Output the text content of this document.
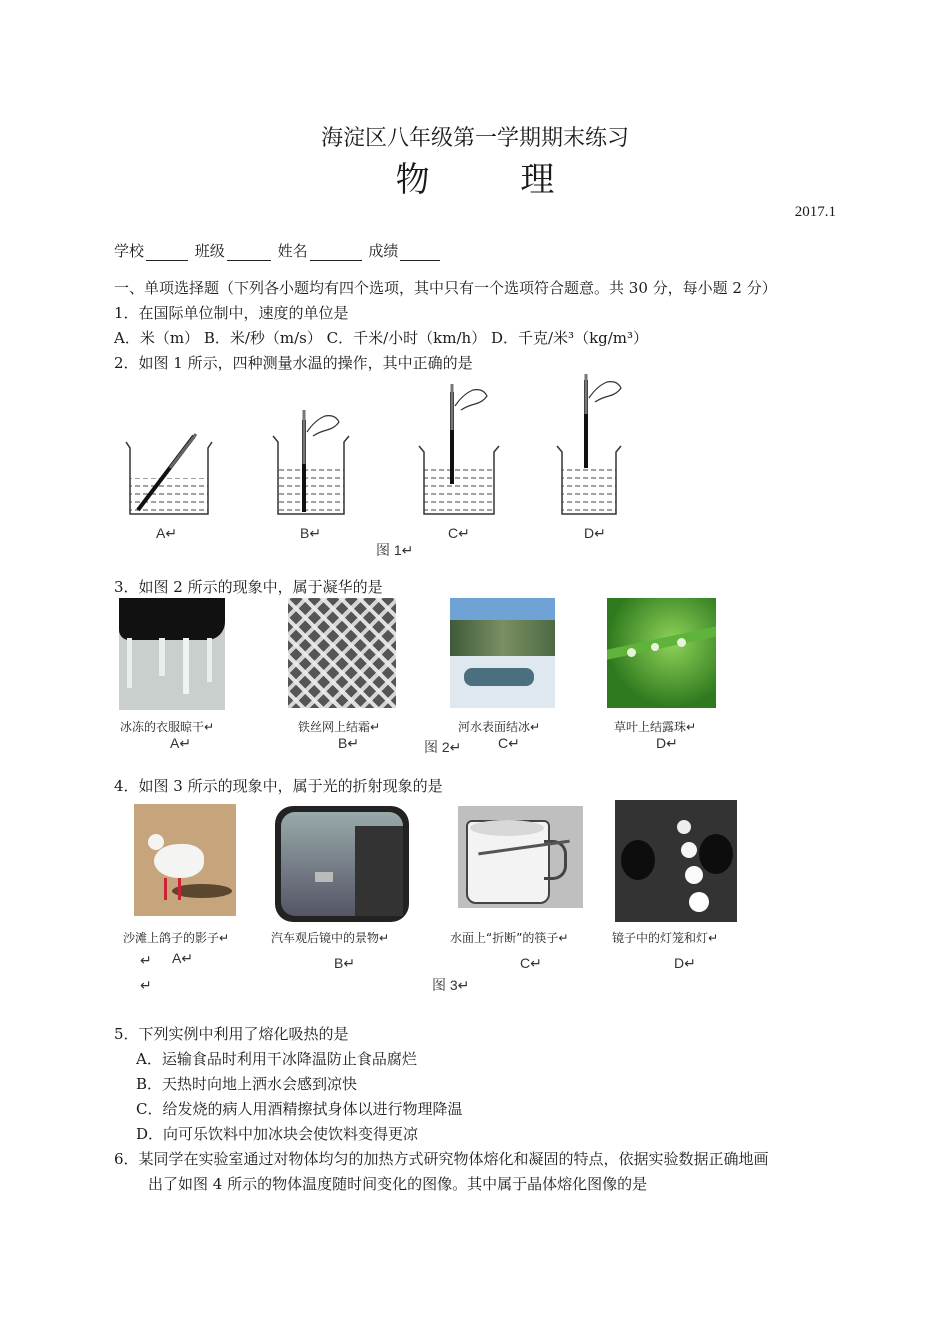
海淀区八年级第一学期期末练习
物 理
2017.1
学校	班级	姓名	成绩
一、单项选择题（下列各小题均有四个选项，其中只有一个选项符合题意。共 30 分，每小题 2 分）
1．在国际单位制中，速度的单位是
A．米（m） B．米/秒（m/s） C．千米/小时（km/h） D．千克/米³（kg/m³）
2．如图 1 所示，四种测量水温的操作，其中正确的是
A↵	B↵	C↵	D↵
图 1↵
3．如图 2 所示的现象中，属于凝华的是
冰冻的衣服晾干↵	铁丝网上结霜↵	河水表面结冰↵	草叶上结露珠↵
A↵	B↵	图 2↵	C↵	D↵
4．如图 3 所示的现象中，属于光的折射现象的是
沙滩上鸽子的影子↵	汽车观后镜中的景物↵	水面上“折断”的筷子↵	镜子中的灯笼和灯↵
↵ A↵	B↵	C↵	D↵
↵	图 3↵
5．下列实例中利用了熔化吸热的是
A．运输食品时利用干冰降温防止食品腐烂
B．天热时向地上洒水会感到凉快
C．给发烧的病人用酒精擦拭身体以进行物理降温
D．向可乐饮料中加冰块会使饮料变得更凉
6．某同学在实验室通过对物体均匀的加热方式研究物体熔化和凝固的特点，依据实验数据正确地画
出了如图 4 所示的物体温度随时间变化的图像。其中属于晶体熔化图像的是
